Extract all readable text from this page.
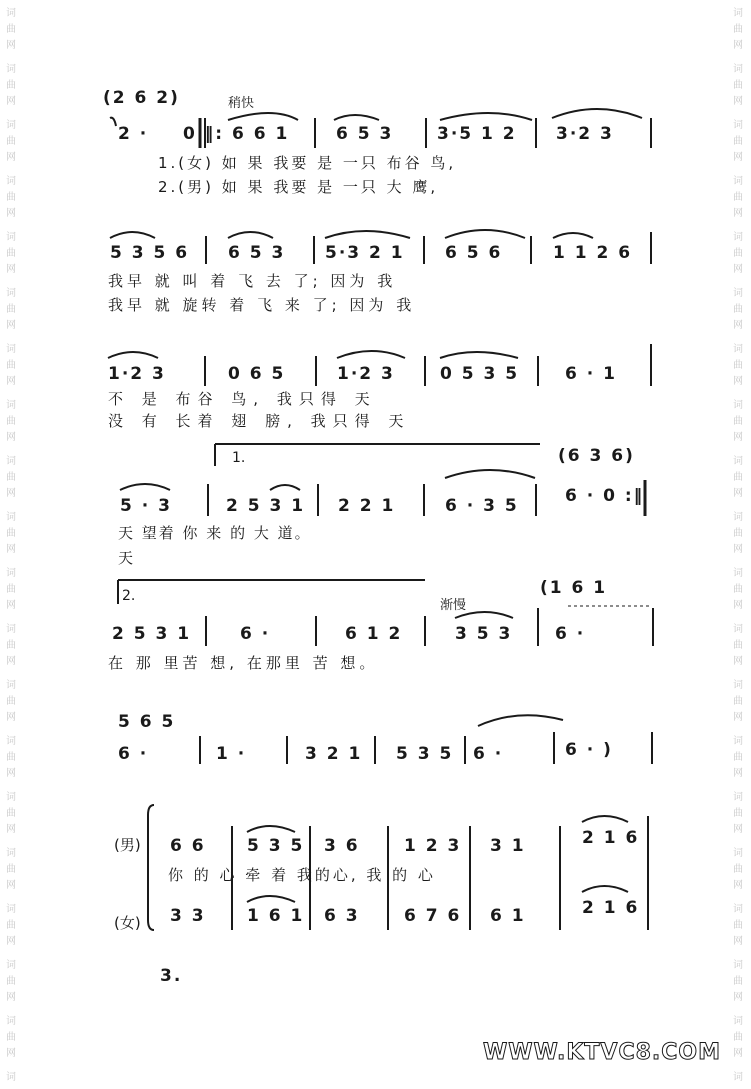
词
曲
网
词
曲
网
词
曲
网
词
曲
网
词
曲
网
词
曲
网
词
曲
网
词
曲
网
词
曲
网
词
曲
网
词
曲
网
词
曲
网
词
曲
网
词
曲
网
词
曲
网
词
曲
网
词
曲
网
词
曲
网
词
曲
网
词
词
曲
网
词
曲
网
词
曲
网
词
曲
网
词
曲
网
词
曲
网
词
曲
网
词
曲
网
词
曲
网
词
曲
网
词
曲
网
词
曲
网
词
曲
网
词
曲
网
词
曲
网
词
曲
网
词
曲
网
词
曲
网
词
曲
网
词
稍快
渐慢
(2 6 2)
2 · 0 ‖: 6 6 1	6 5 3	3·5 1 2 3·2 3
1.(女) 如 果 我要 是 一只 布谷 鸟,
2.(男) 如 果 我要 是 一只 大 鹰,
5 3 5 6 6 5 3 5·3 2 1 6 5 6	1 1 2 6
我早 就 叫 着 飞 去 了; 因为 我
我早 就 旋转 着 飞 来 了; 因为 我
1·2 3	0 6 5	1·2 3	0 5 3 5	6 · 1
不 是 布谷 鸟, 我只得 天
没 有 长着 翅 膀, 我只得 天
1.	(6 3 6)
5 · 3	2 5 3 1 2 2 1	6 · 3 5	6 · 0 :‖
天 望着 你 来 的 大 道。
天
2.	(1 6 1
2 5 3 1	6 ·	6 1 2	3 5 3	6 ·
在 那 里苦 想, 在那里 苦 想。
5 6 5
6 ·	1 ·	3 2 1 5 3 5 6 ·	6 · )
(男)
(女)
6 6 5 3 5 3 6	1 2 3 3 1	2 1 6
你 的 心 牵 着 我的心, 我 的 心
3 3 1 6 1 6 3	6 7 6 6 1	2 1 6
3.
WWW.KTVC8.COM
